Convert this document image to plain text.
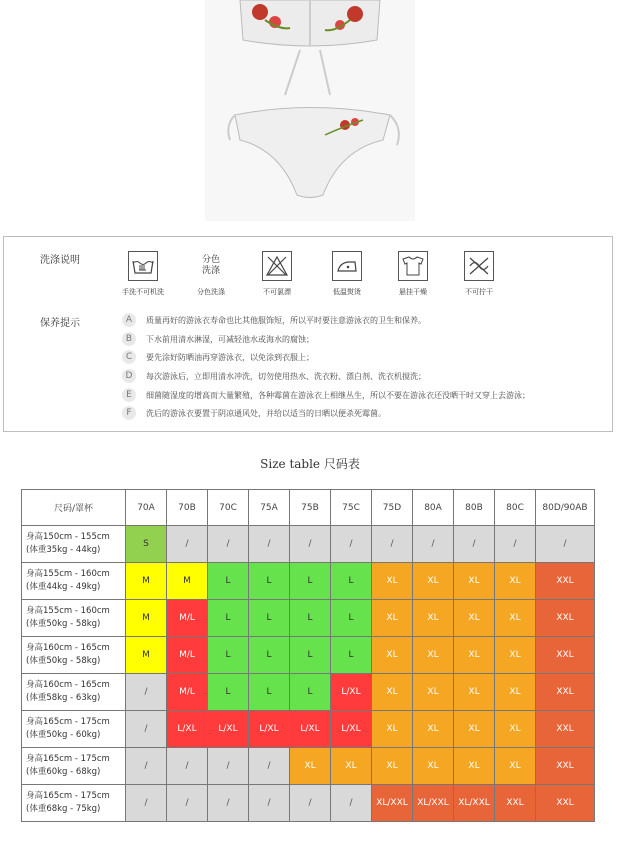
洗涤说明
手洗不可机洗
分色
洗涤
分色洗涤	不可氯漂	低温熨烫	悬挂干燥	不可拧干
保养提示	A	质量再好的游泳衣寿命也比其他服饰短，所以平时要注意游泳衣的卫生和保养。
B	下水前用清水淋湿，可减轻池水或海水的腐蚀；
C	要先涂好防晒油再穿游泳衣，以免涂到衣服上；
D	每次游泳后，立即用清水冲洗，切勿使用热水、洗衣粉、漂白剂、洗衣机搅洗；
E	细菌随湿度的增高而大量繁殖，各种霉菌在游泳衣上相继丛生，所以不要在游泳衣还没晒干时又穿上去游泳；
F	洗后的游泳衣要置于阴凉通风处，并给以适当的日晒以便杀死霉菌。
Size table 尺码表
尺码/罩杯	70A	70B	70C	75A	75B	75C	75D	80A	80B	80C	80D/90AB

身高150cm - 155cm
(体重35kg - 44kg)	S	/	/	/	/	/	/	/	/	/	/

身高155cm - 160cm
(体重44kg - 49kg)	M	M	L	L	L	L	XL	XL	XL	XL	XXL

身高155cm - 160cm
(体重50kg - 58kg)	M	M/L	L	L	L	L	XL	XL	XL	XL	XXL

身高160cm - 165cm
(体重50kg - 58kg)	M	M/L	L	L	L	L	XL	XL	XL	XL	XXL

身高160cm - 165cm
(体重58kg - 63kg)	/	M/L	L	L	L	L/XL	XL	XL	XL	XL	XXL

身高165cm - 175cm
(体重50kg - 60kg)	/	L/XL	L/XL	L/XL	L/XL	L/XL	XL	XL	XL	XL	XXL

身高165cm - 175cm
(体重60kg - 68kg)	/	/	/	/	XL	XL	XL	XL	XL	XL	XXL

身高165cm - 175cm
(体重68kg - 75kg)	/	/	/	/	/	/	XL/XXL	XL/XXL	XL/XXL	XXL	XXL
